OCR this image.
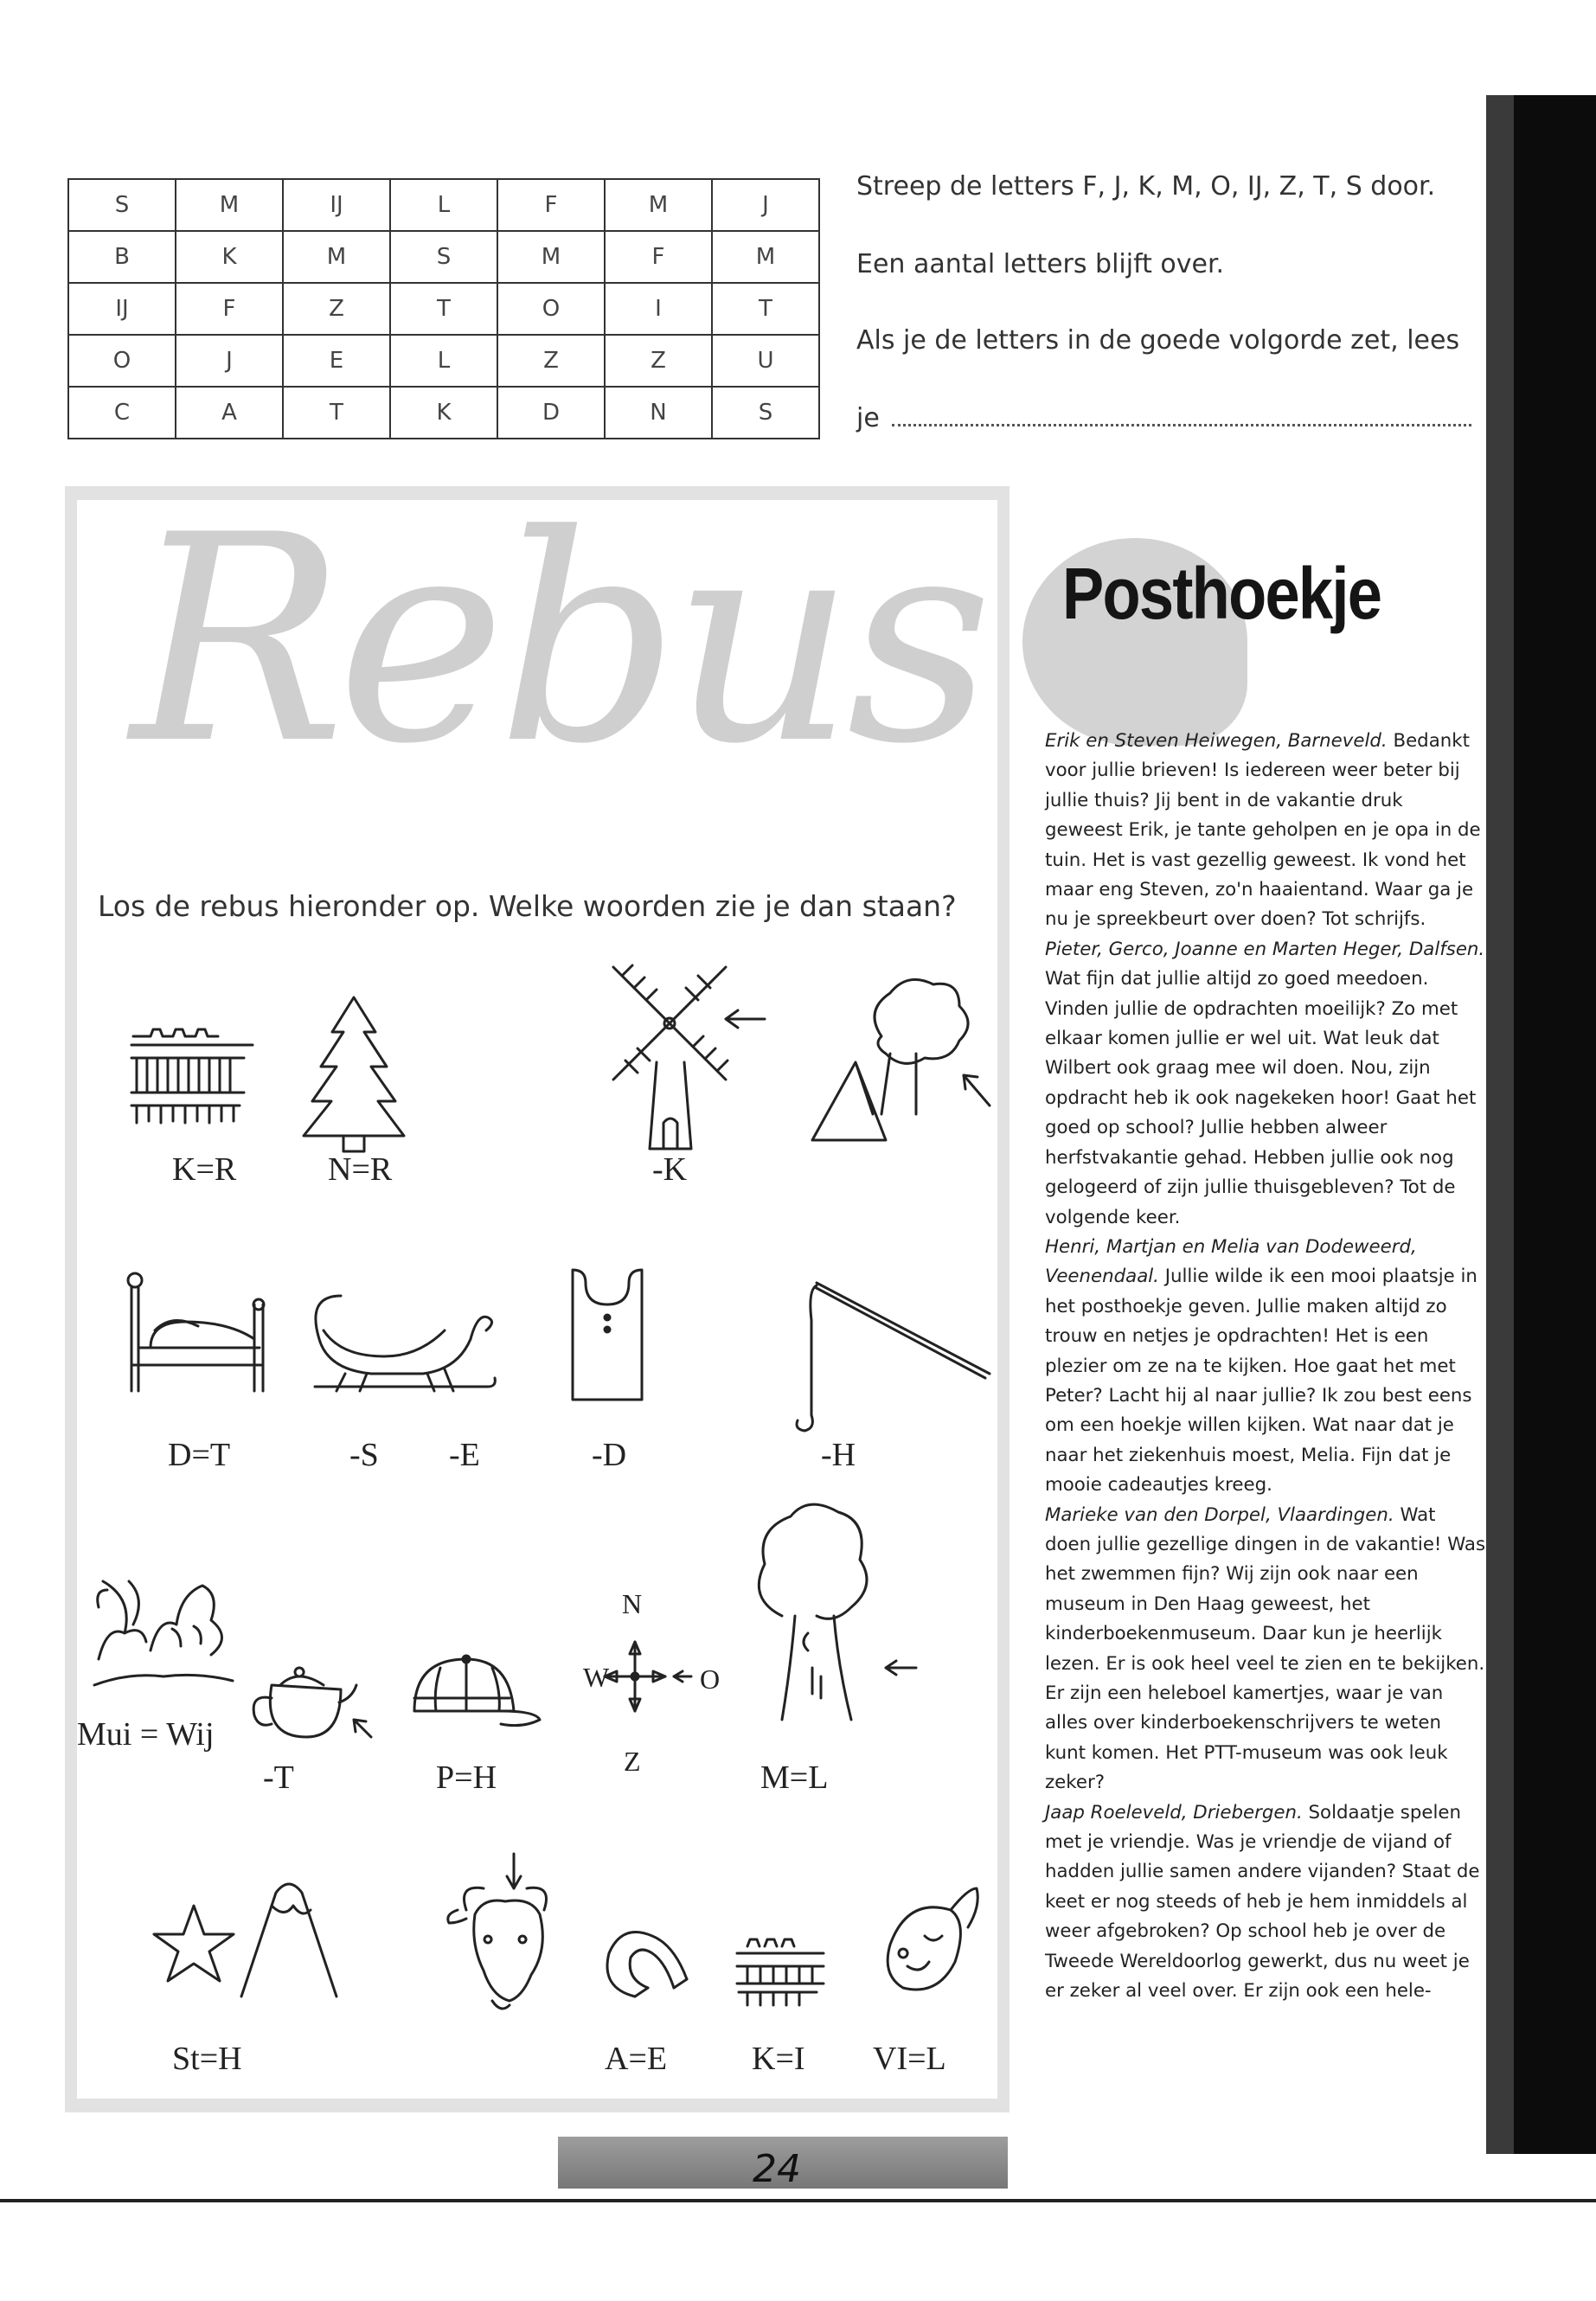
S	M	IJ	L	F	M	J
B	K	M	S	M	F	M
IJ	F	Z	T	O	I	T
O	J	E	L	Z	Z	U
C	A	T	K	D	N	S
Streep de letters F, J, K, M, O, IJ, Z, T, S door.
Een aantal letters blijft over.
Als je de letters in de goede volgorde zet, lees
je
Rebus
Los de rebus hieronder op. Welke woorden zie je dan staan?
K=R	N=R	-K
D=T	-S -E	-D	-H
Mui = Wij
-T	P=H
N
W	O
Z	M=L
St=H	A=E	K=I VI=L
Posthoekje

Erik en Steven Heiwegen, Barneveld. Bedankt voor jullie brieven! Is iedereen weer beter bij jullie thuis? Jij bent in de vakantie druk geweest Erik, je tante geholpen en je opa in de tuin. Het is vast gezellig geweest. Ik vond het maar eng Steven, zo'n haaientand. Waar ga je nu je spreekbeurt over doen? Tot schrijfs.
Pieter, Gerco, Joanne en Marten Heger, Dalfsen. Wat fijn dat jullie altijd zo goed meedoen. Vinden jullie de opdrachten moeilijk? Zo met elkaar komen jullie er wel uit. Wat leuk dat Wilbert ook graag mee wil doen. Nou, zijn opdracht heb ik ook nagekeken hoor! Gaat het goed op school? Jullie hebben alweer herfstvakantie gehad. Hebben jullie ook nog gelogeerd of zijn jullie thuisgebleven? Tot de volgende keer.
Henri, Martjan en Melia van Dodeweerd, Veenendaal. Jullie wilde ik een mooi plaatsje in het posthoekje geven. Jullie maken altijd zo trouw en netjes je opdrachten! Het is een plezier om ze na te kijken. Hoe gaat het met Peter? Lacht hij al naar jullie? Ik zou best eens om een hoekje willen kijken. Wat naar dat je naar het ziekenhuis moest, Melia. Fijn dat je mooie cadeautjes kreeg.
Marieke van den Dorpel, Vlaardingen. Wat doen jullie gezellige dingen in de vakantie! Was het zwemmen fijn? Wij zijn ook naar een museum in Den Haag geweest, het kinderboekenmuseum. Daar kun je heerlijk lezen. Er is ook heel veel te zien en te bekijken. Er zijn een heleboel kamertjes, waar je van alles over kinderboekenschrijvers te weten kunt komen. Het PTT-museum was ook leuk zeker?
Jaap Roeleveld, Driebergen. Soldaatje spelen met je vriendje. Was je vriendje de vijand of hadden jullie samen andere vijanden? Staat de keet er nog steeds of heb je hem inmiddels al weer afgebroken? Op school heb je over de Tweede Wereldoorlog gewerkt, dus nu weet je er zeker al veel over. Er zijn ook een hele-

24
